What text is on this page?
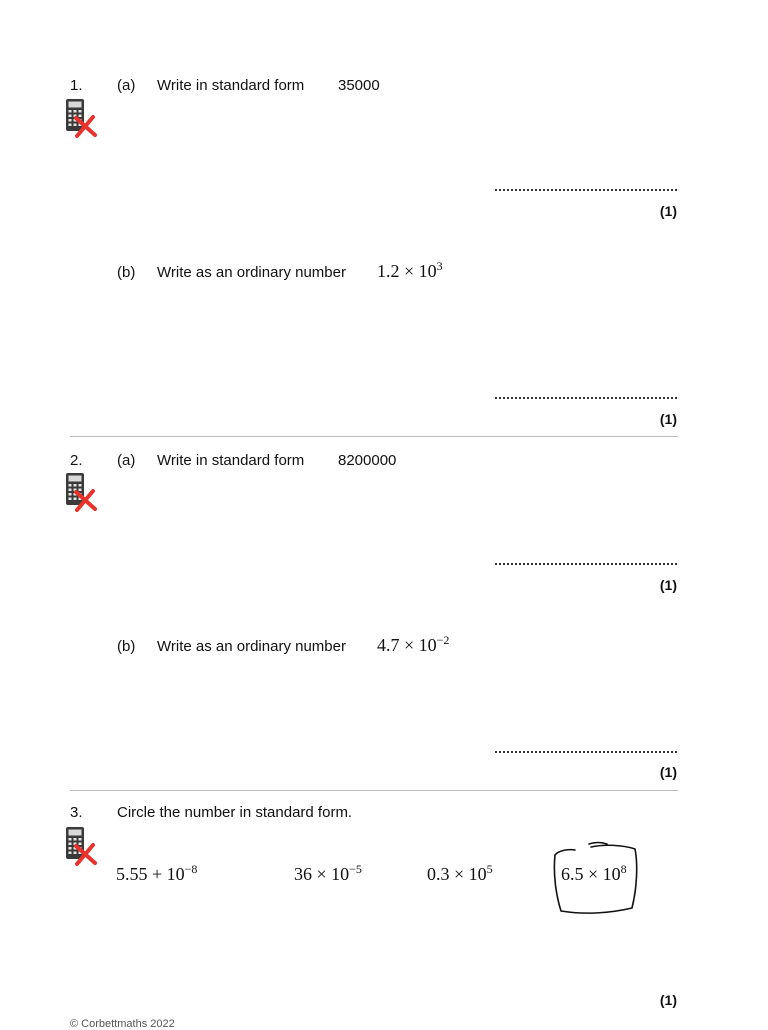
1. (a) Write in standard form 35000
(1)
(b) Write as an ordinary number $1.2 \times 10^3$
(1)
2. (a) Write in standard form 8200000
(1)
(b) Write as an ordinary number $4.7 \times 10^{-2}$
(1)
3. Circle the number in standard form.
$5.55 + 10^{-8}$	$36 \times 10^{-5}$	$0.3 \times 10^5$	$6.5 \times 10^8$
(1)
© Corbettmaths 2022
